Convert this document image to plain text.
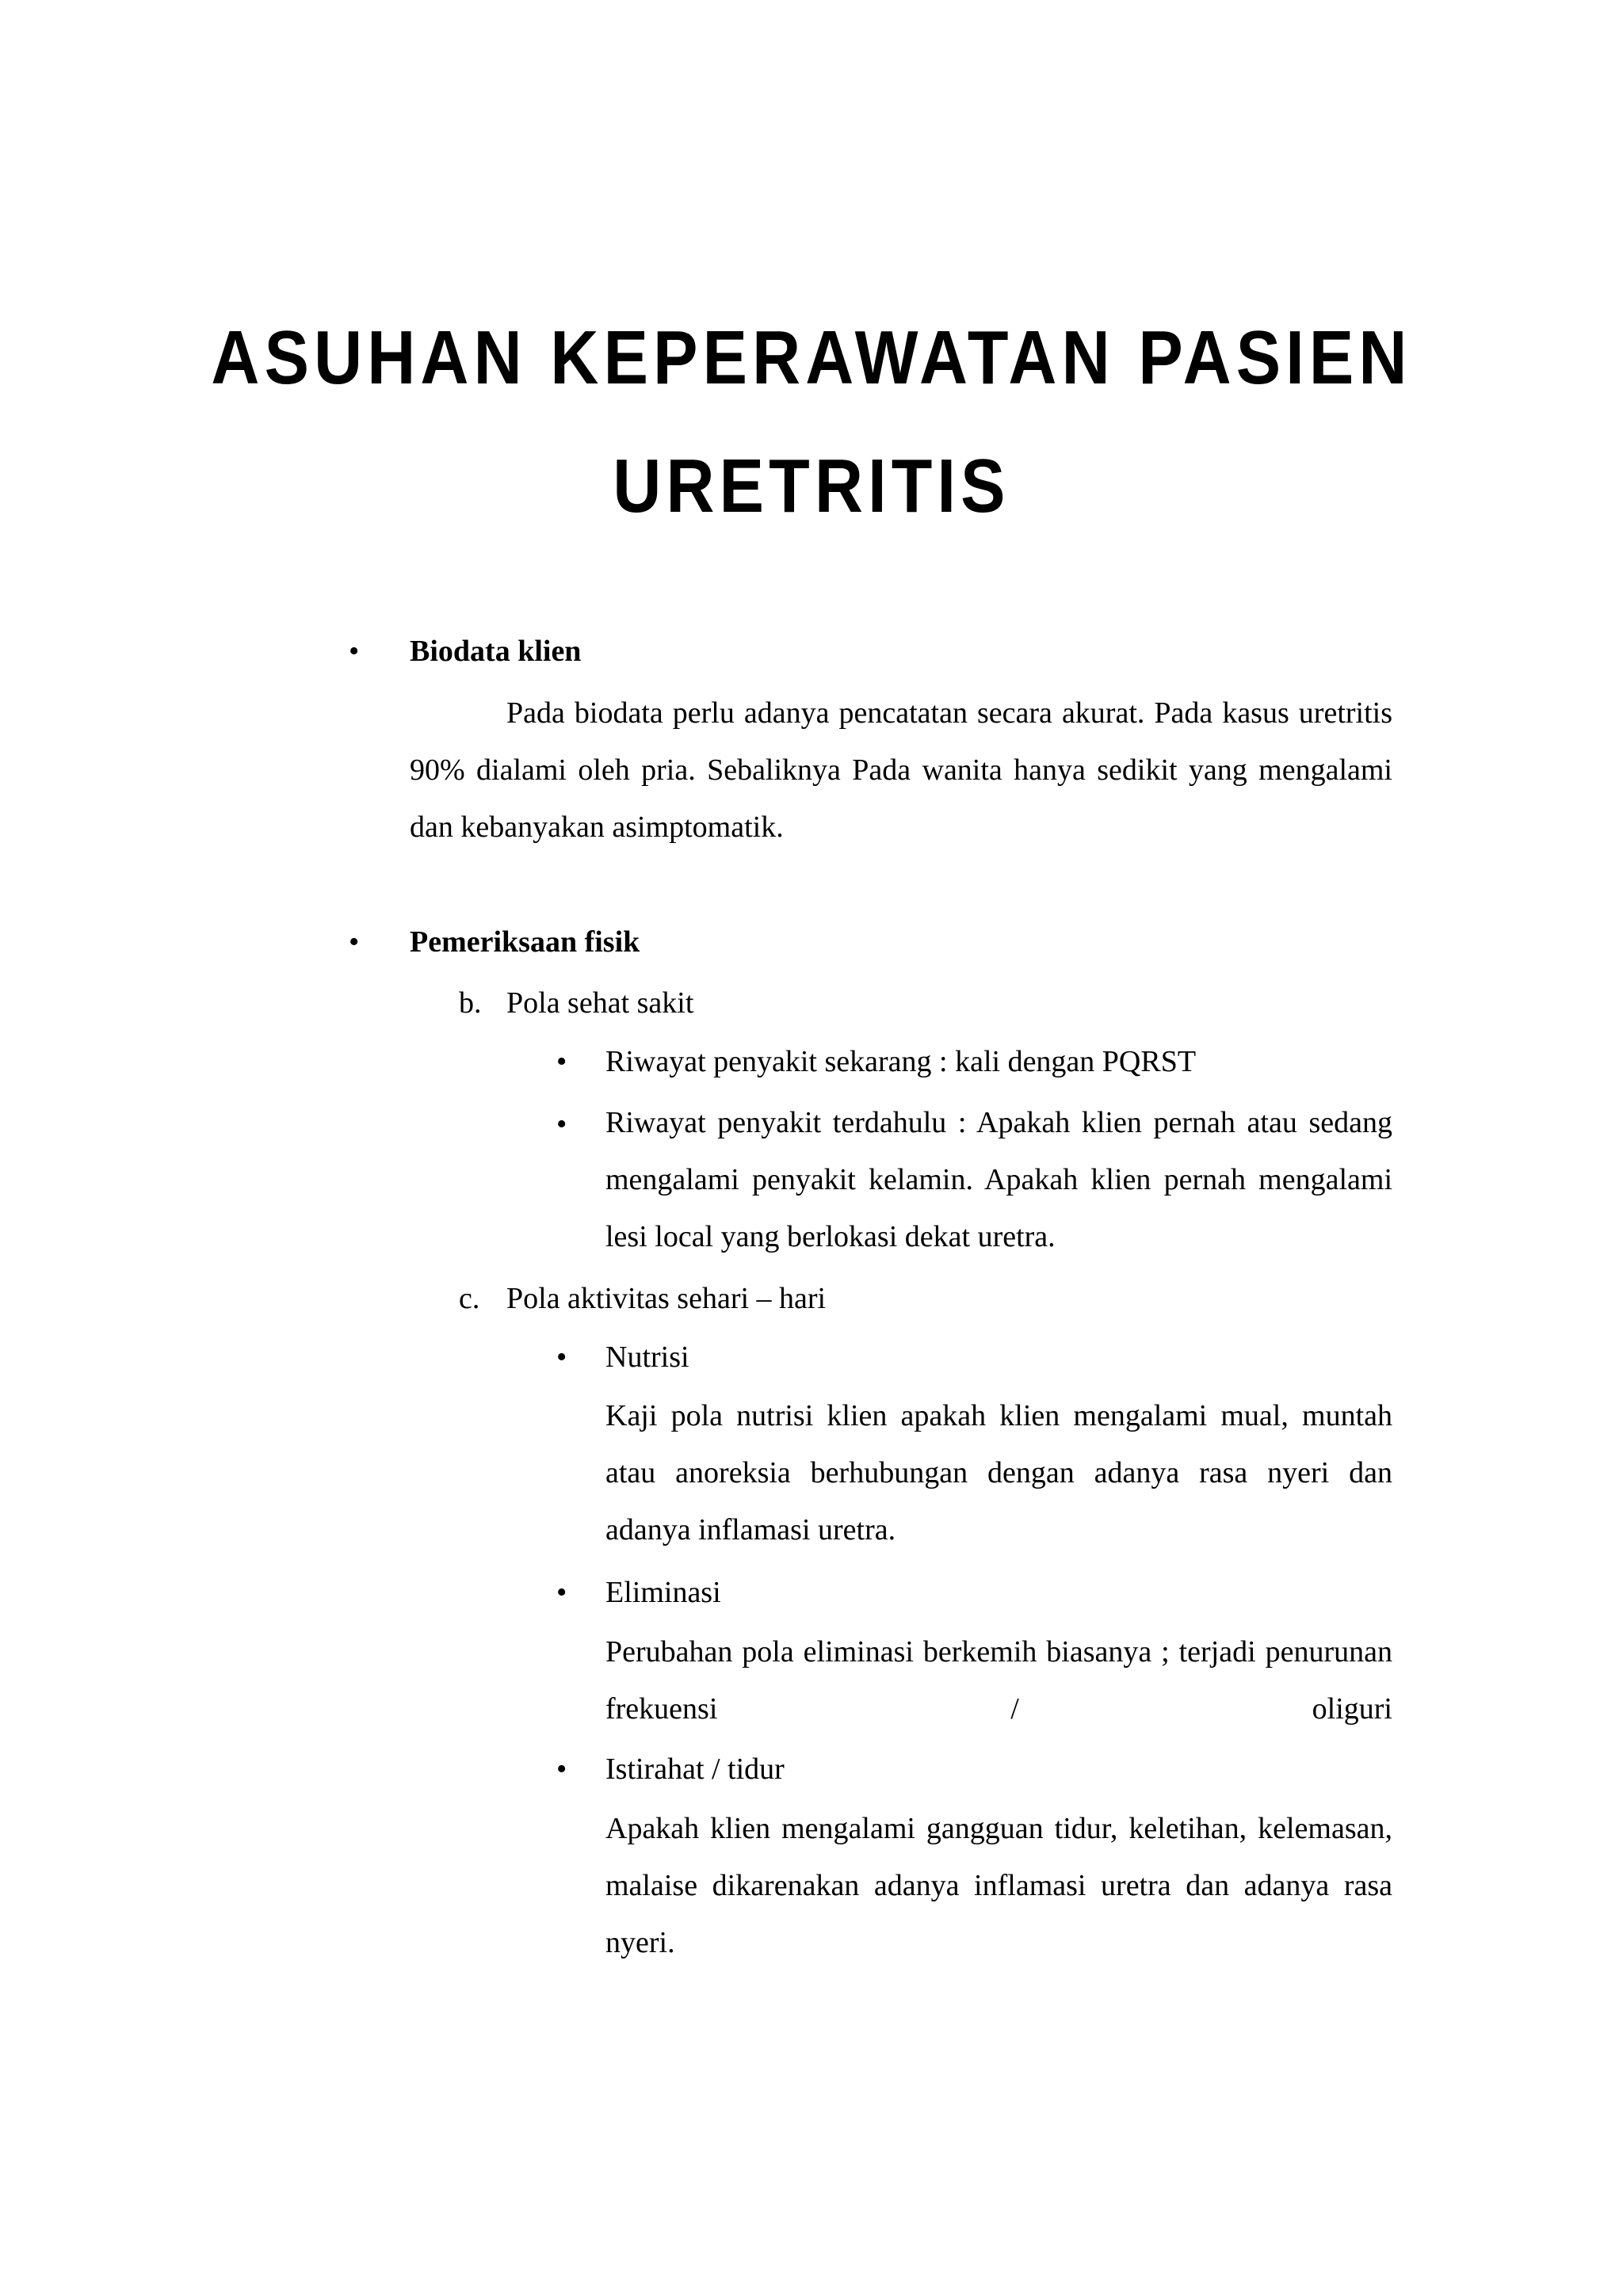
ASUHAN KEPERAWATAN PASIEN
URETRITIS
• Biodata klien
Pada biodata perlu adanya pencatatan secara akurat. Pada kasus uretritis 90% dialami oleh pria. Sebaliknya Pada wanita hanya sedikit yang mengalami dan kebanyakan asimptomatik.
• Pemeriksaan fisik
b. Pola sehat sakit
• Riwayat penyakit sekarang : kali dengan PQRST
• Riwayat penyakit terdahulu : Apakah klien pernah atau sedang mengalami penyakit kelamin. Apakah klien pernah mengalami lesi local yang berlokasi dekat uretra.
c. Pola aktivitas sehari – hari
• Nutrisi
Kaji pola nutrisi klien apakah klien mengalami mual, muntah atau anoreksia berhubungan dengan adanya rasa nyeri dan adanya inflamasi uretra.
• Eliminasi
Perubahan pola eliminasi berkemih biasanya ; terjadi penurunan frekuensi / oliguri
• Istirahat / tidur
Apakah klien mengalami gangguan tidur, keletihan, kelemasan, malaise dikarenakan adanya inflamasi uretra dan adanya rasa nyeri.
